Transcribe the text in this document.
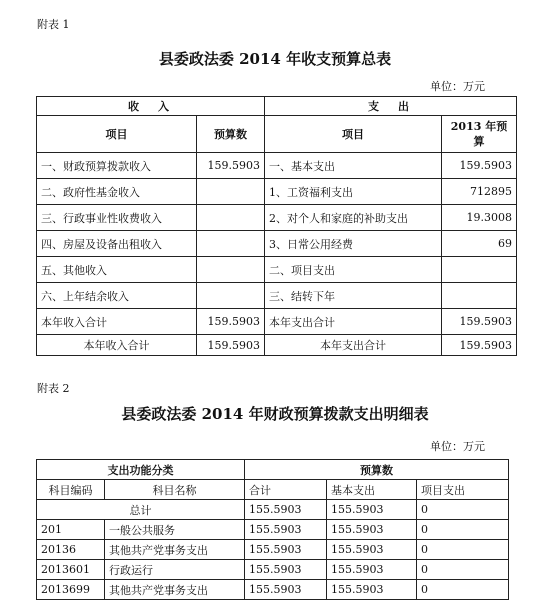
附表 1
县委政法委 2014 年收支预算总表
单位：万元
收　入		支　出	
项目	预算数	项目	2013 年预算
一、财政预算拨款收入	159.5903	一、基本支出	159.5903
二、政府性基金收入		1、工资福利支出	712895
三、行政事业性收费收入		2、对个人和家庭的补助支出	19.3008
四、房屋及设备出租收入		3、日常公用经费	69
五、其他收入		二、项目支出	
六、上年结余收入		三、结转下年	
本年收入合计	159.5903	本年支出合计	159.5903
本年收入合计	159.5903	本年支出合计	159.5903
附表 2
县委政法委 2014 年财政预算拨款支出明细表
单位：万元
支出功能分类		预算数		
科目编码	科目名称	合计	基本支出	项目支出
总计		155.5903	155.5903	0
201	一般公共服务	155.5903	155.5903	0
20136	其他共产党事务支出	155.5903	155.5903	0
2013601	行政运行	155.5903	155.5903	0
2013699	其他共产党事务支出	155.5903	155.5903	0
